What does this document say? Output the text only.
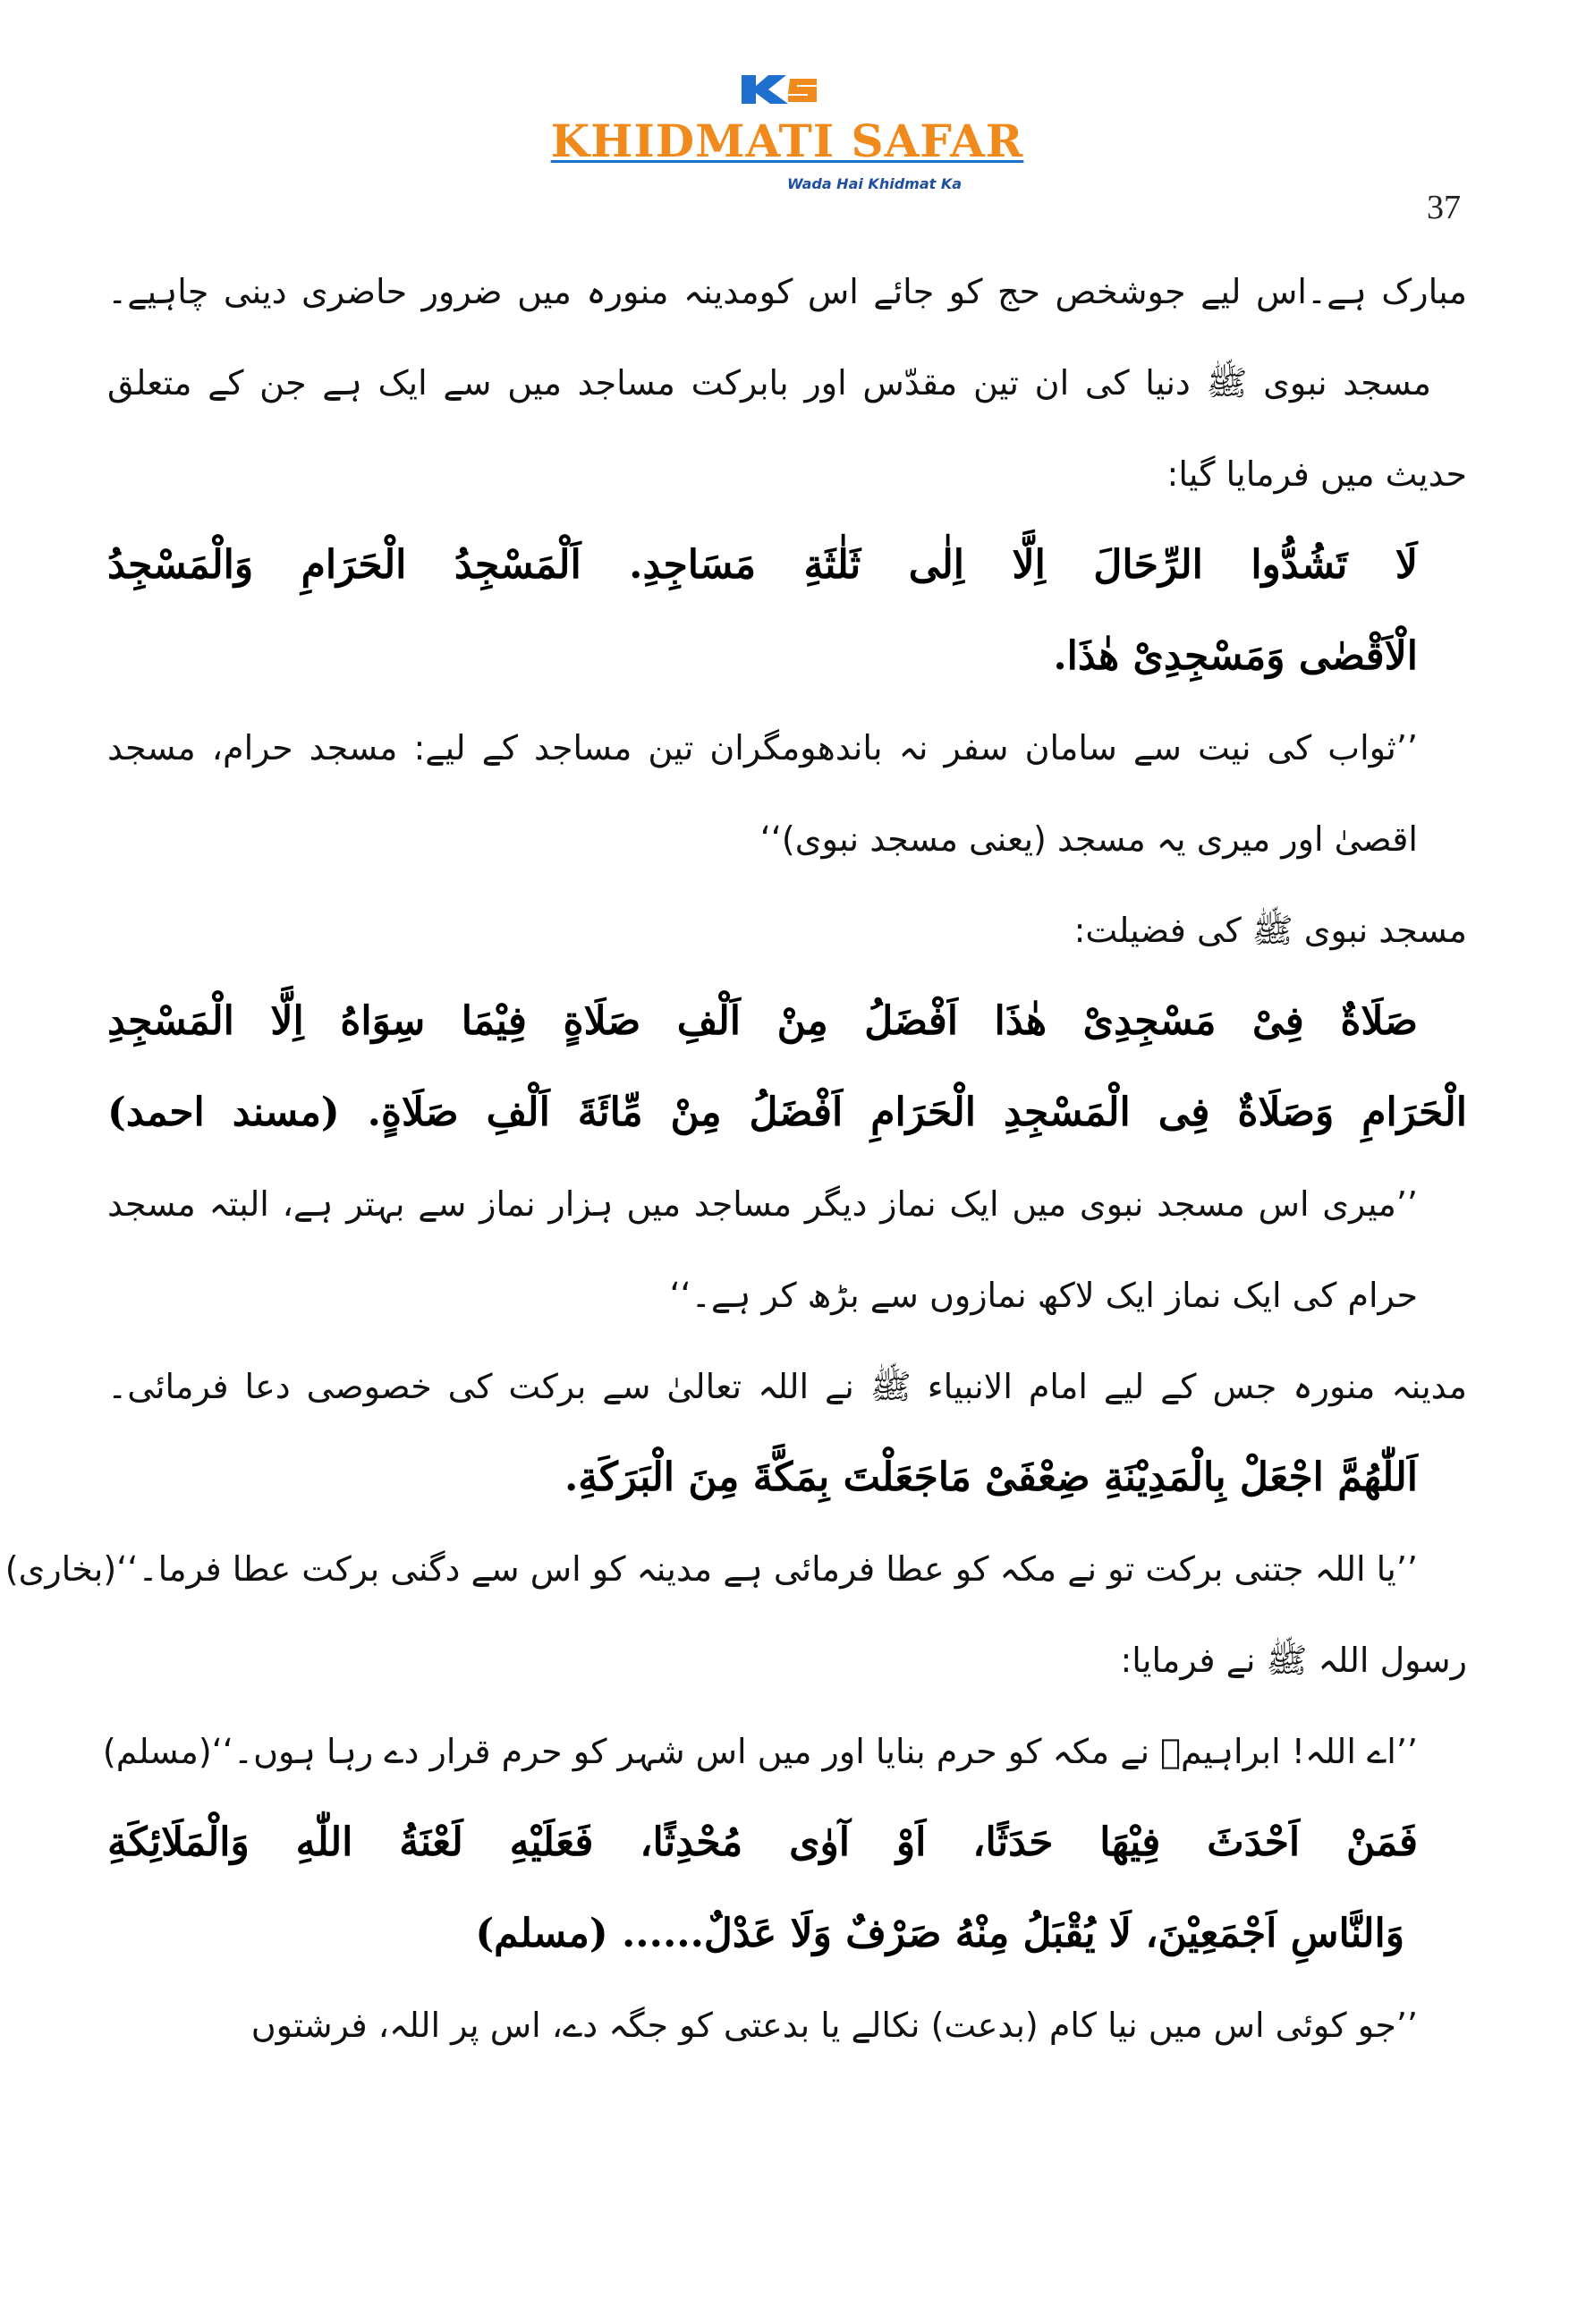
KHIDMATI SAFAR
Wada Hai Khidmat Ka
37
مبارک ہے۔اس لیے جوشخص حج کو جائے اس کومدینہ منورہ میں ضرور حاضری دینی چاہیے۔
مسجد نبوی ﷺ دنیا کی ان تین مقدّس اور بابرکت مساجد میں سے ایک ہے جن کے متعلق
حدیث میں فرمایا گیا:
لَا تَشُدُّوا الرِّحَالَ اِلَّا اِلٰی ثَلٰثَةِ مَسَاجِدِ. اَلْمَسْجِدُ الْحَرَامِ وَالْمَسْجِدُ
الْاَقْصٰی وَمَسْجِدِیْ هٰذَا.
’’ثواب کی نیت سے سامان سفر نہ باندھومگران تین مساجد کے لیے: مسجد حرام، مسجد
اقصیٰ اور میری یہ مسجد (یعنی مسجد نبوی)‘‘
مسجد نبوی ﷺ کی فضیلت:
صَلَاةٌ فِیْ مَسْجِدِیْ هٰذَا اَفْضَلُ مِنْ اَلْفِ صَلَاةٍ فِیْمَا سِوَاهُ اِلَّا الْمَسْجِدِ
الْحَرَامِ وَصَلَاةٌ فِی الْمَسْجِدِ الْحَرَامِ اَفْضَلُ مِنْ مِّائَةَ اَلْفِ صَلَاةٍ. (مسند احمد)
’’میری اس مسجد نبوی میں ایک نماز دیگر مساجد میں ہزار نماز سے بہتر ہے، البتہ مسجد
حرام کی ایک نماز ایک لاکھ نمازوں سے بڑھ کر ہے۔‘‘
مدینہ منورہ جس کے لیے امام الانبیاء ﷺ نے اللہ تعالیٰ سے برکت کی خصوصی دعا فرمائی۔
اَللّٰهُمَّ اجْعَلْ بِالْمَدِیْنَةِ ضِعْفَیْ مَاجَعَلْتَ بِمَكَّةَ مِنَ الْبَرَكَةِ.
’’یا اللہ جتنی برکت تو نے مکہ کو عطا فرمائی ہے مدینہ کو اس سے دگنی برکت عطا فرما۔‘‘(بخاری)
رسول اللہ ﷺ نے فرمایا:
’’اے اللہ! ابراہیمؑ نے مکہ کو حرم بنایا اور میں اس شہر کو حرم قرار دے رہا ہوں۔‘‘(مسلم)
فَمَنْ اَحْدَثَ فِیْهَا حَدَثًا، اَوْ آوٰی مُحْدِثًا، فَعَلَیْهِ لَعْنَةُ اللّٰهِ وَالْمَلَائِكَةِ
وَالنَّاسِ اَجْمَعِیْنَ، لَا یُقْبَلُ مِنْهُ صَرْفٌ وَلَا عَدْلٌ...... (مسلم)
’’جو کوئی اس میں نیا کام (بدعت) نکالے یا بدعتی کو جگہ دے، اس پر اللہ، فرشتوں
